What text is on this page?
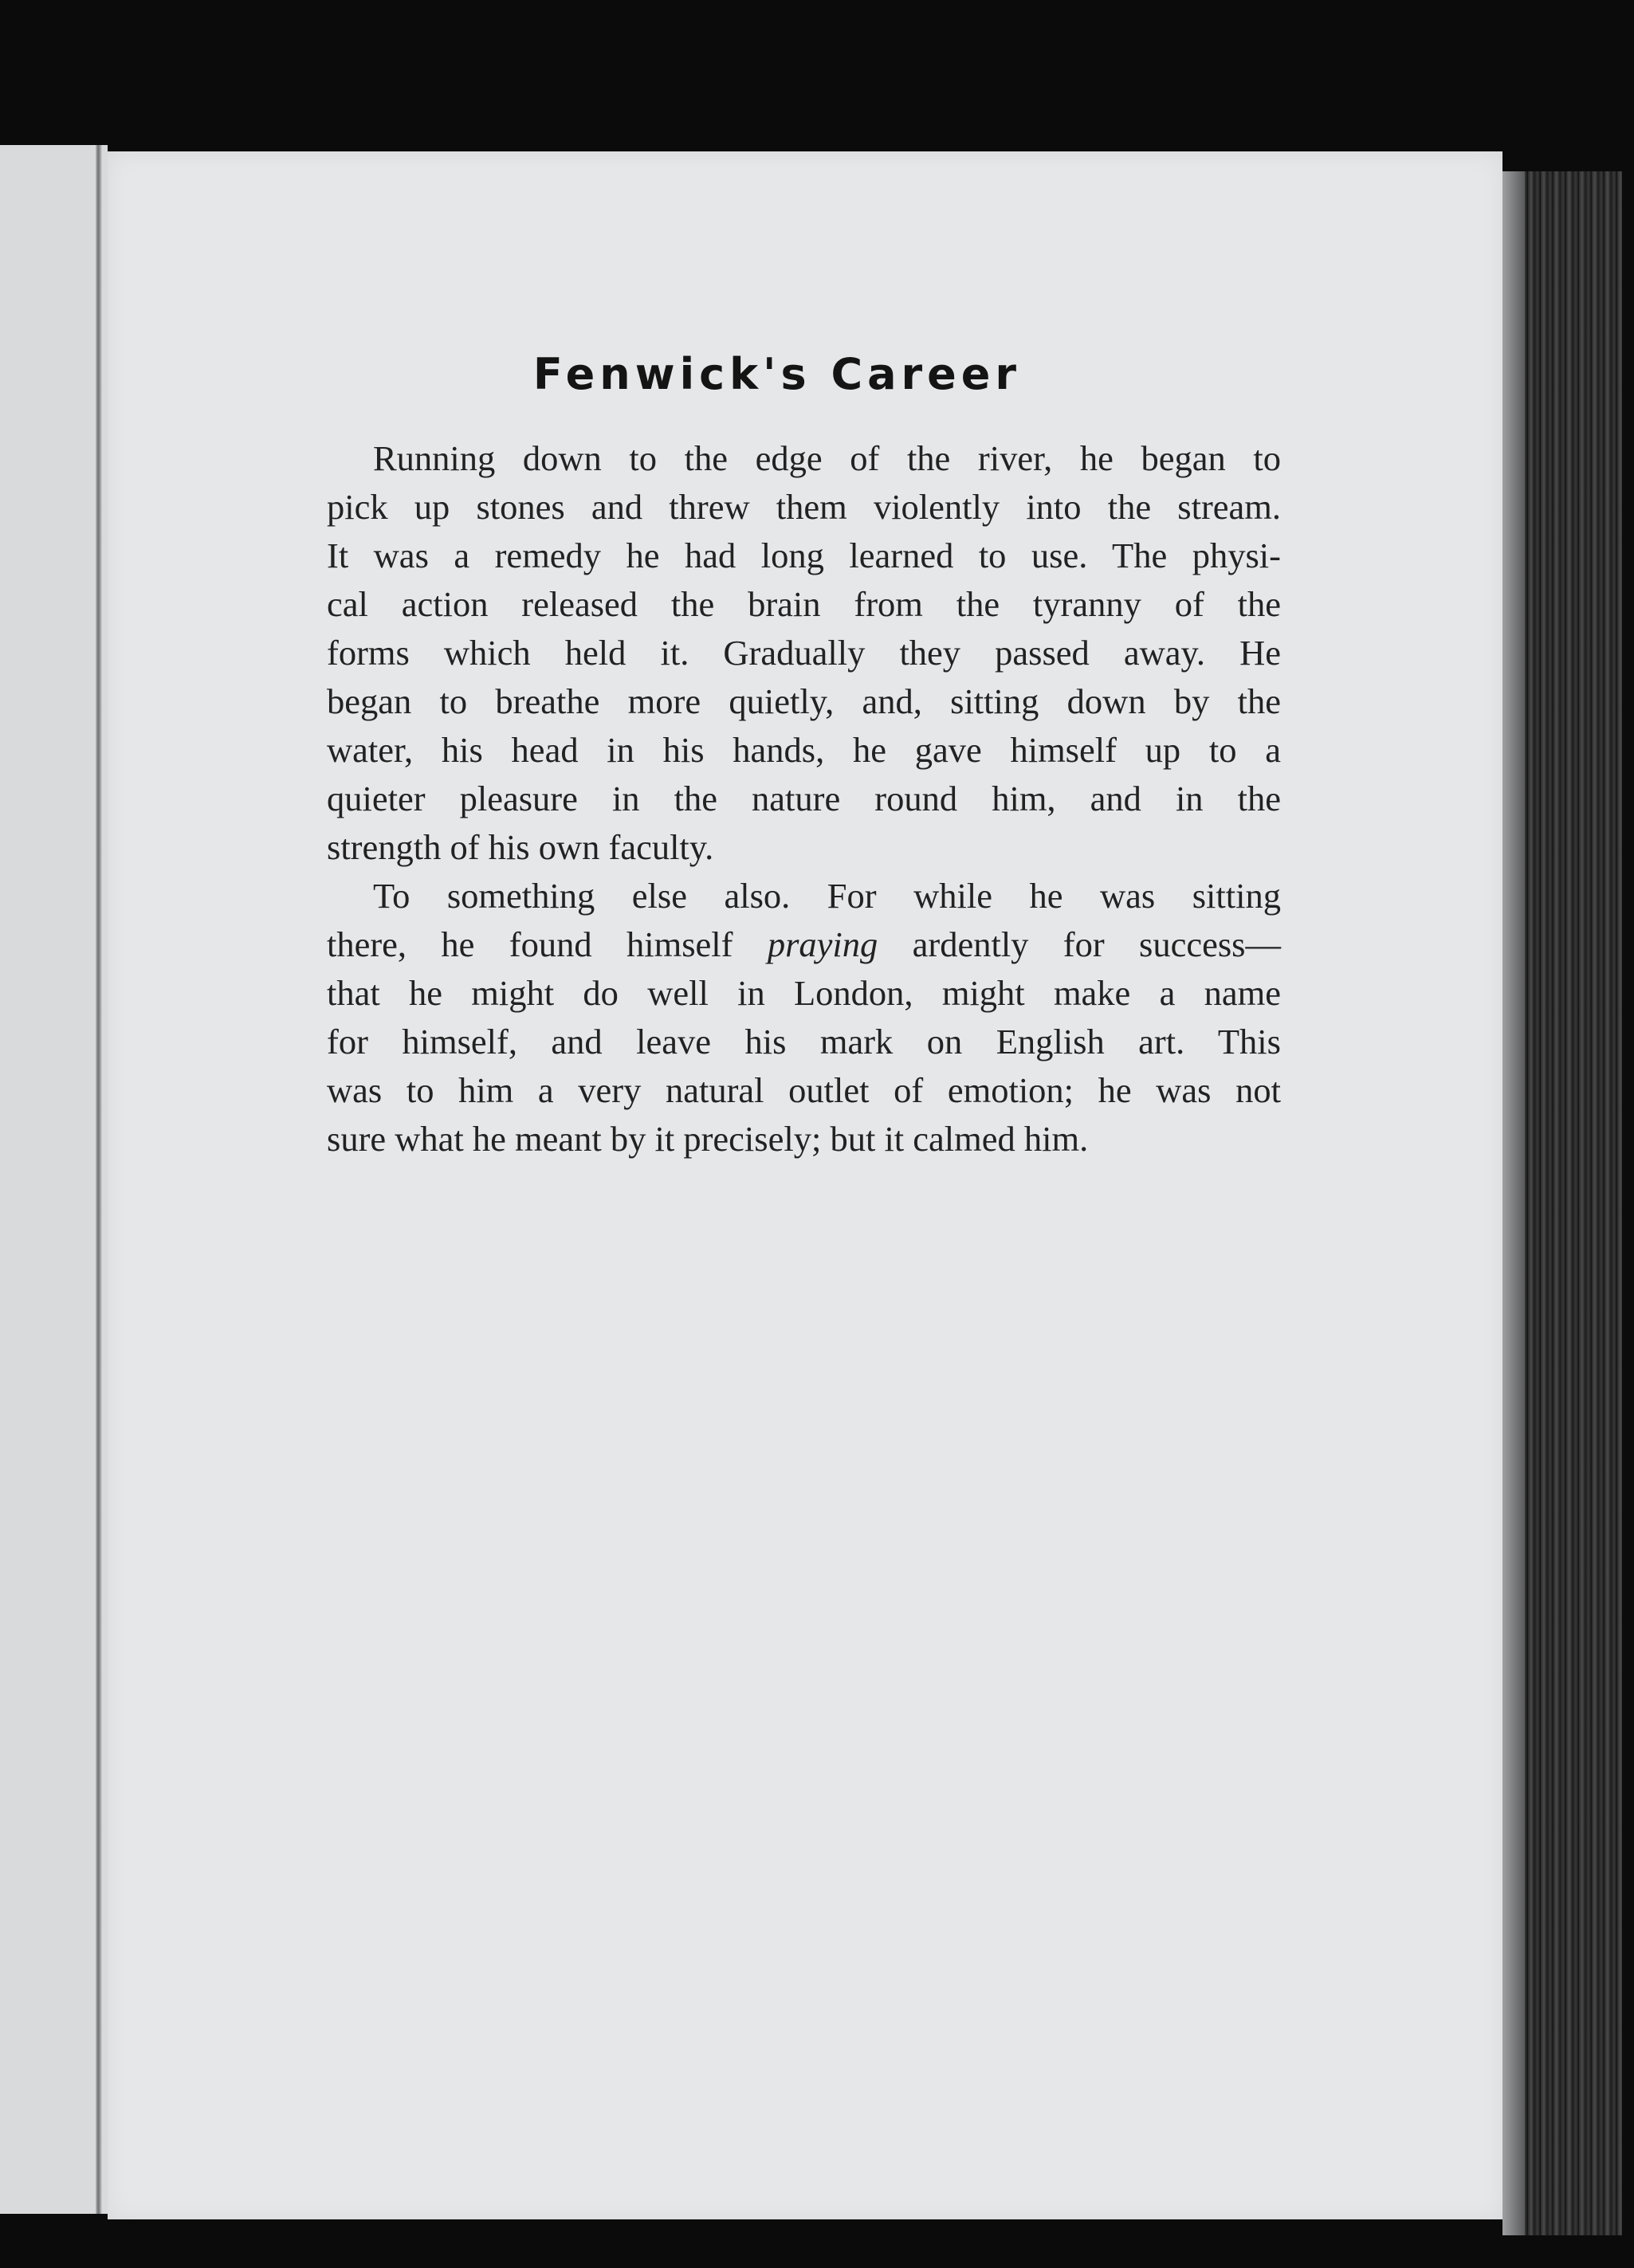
Fenwick's Career
Running down to the edge of the river, he began to
pick up stones and threw them violently into the stream.
It was a remedy he had long learned to use. The physi-
cal action released the brain from the tyranny of the
forms which held it. Gradually they passed away. He
began to breathe more quietly, and, sitting down by the
water, his head in his hands, he gave himself up to a
quieter pleasure in the nature round him, and in the
strength of his own faculty.
To something else also. For while he was sitting
there, he found himself praying ardently for success—
that he might do well in London, might make a name
for himself, and leave his mark on English art. This
was to him a very natural outlet of emotion; he was not
sure what he meant by it precisely; but it calmed him.
